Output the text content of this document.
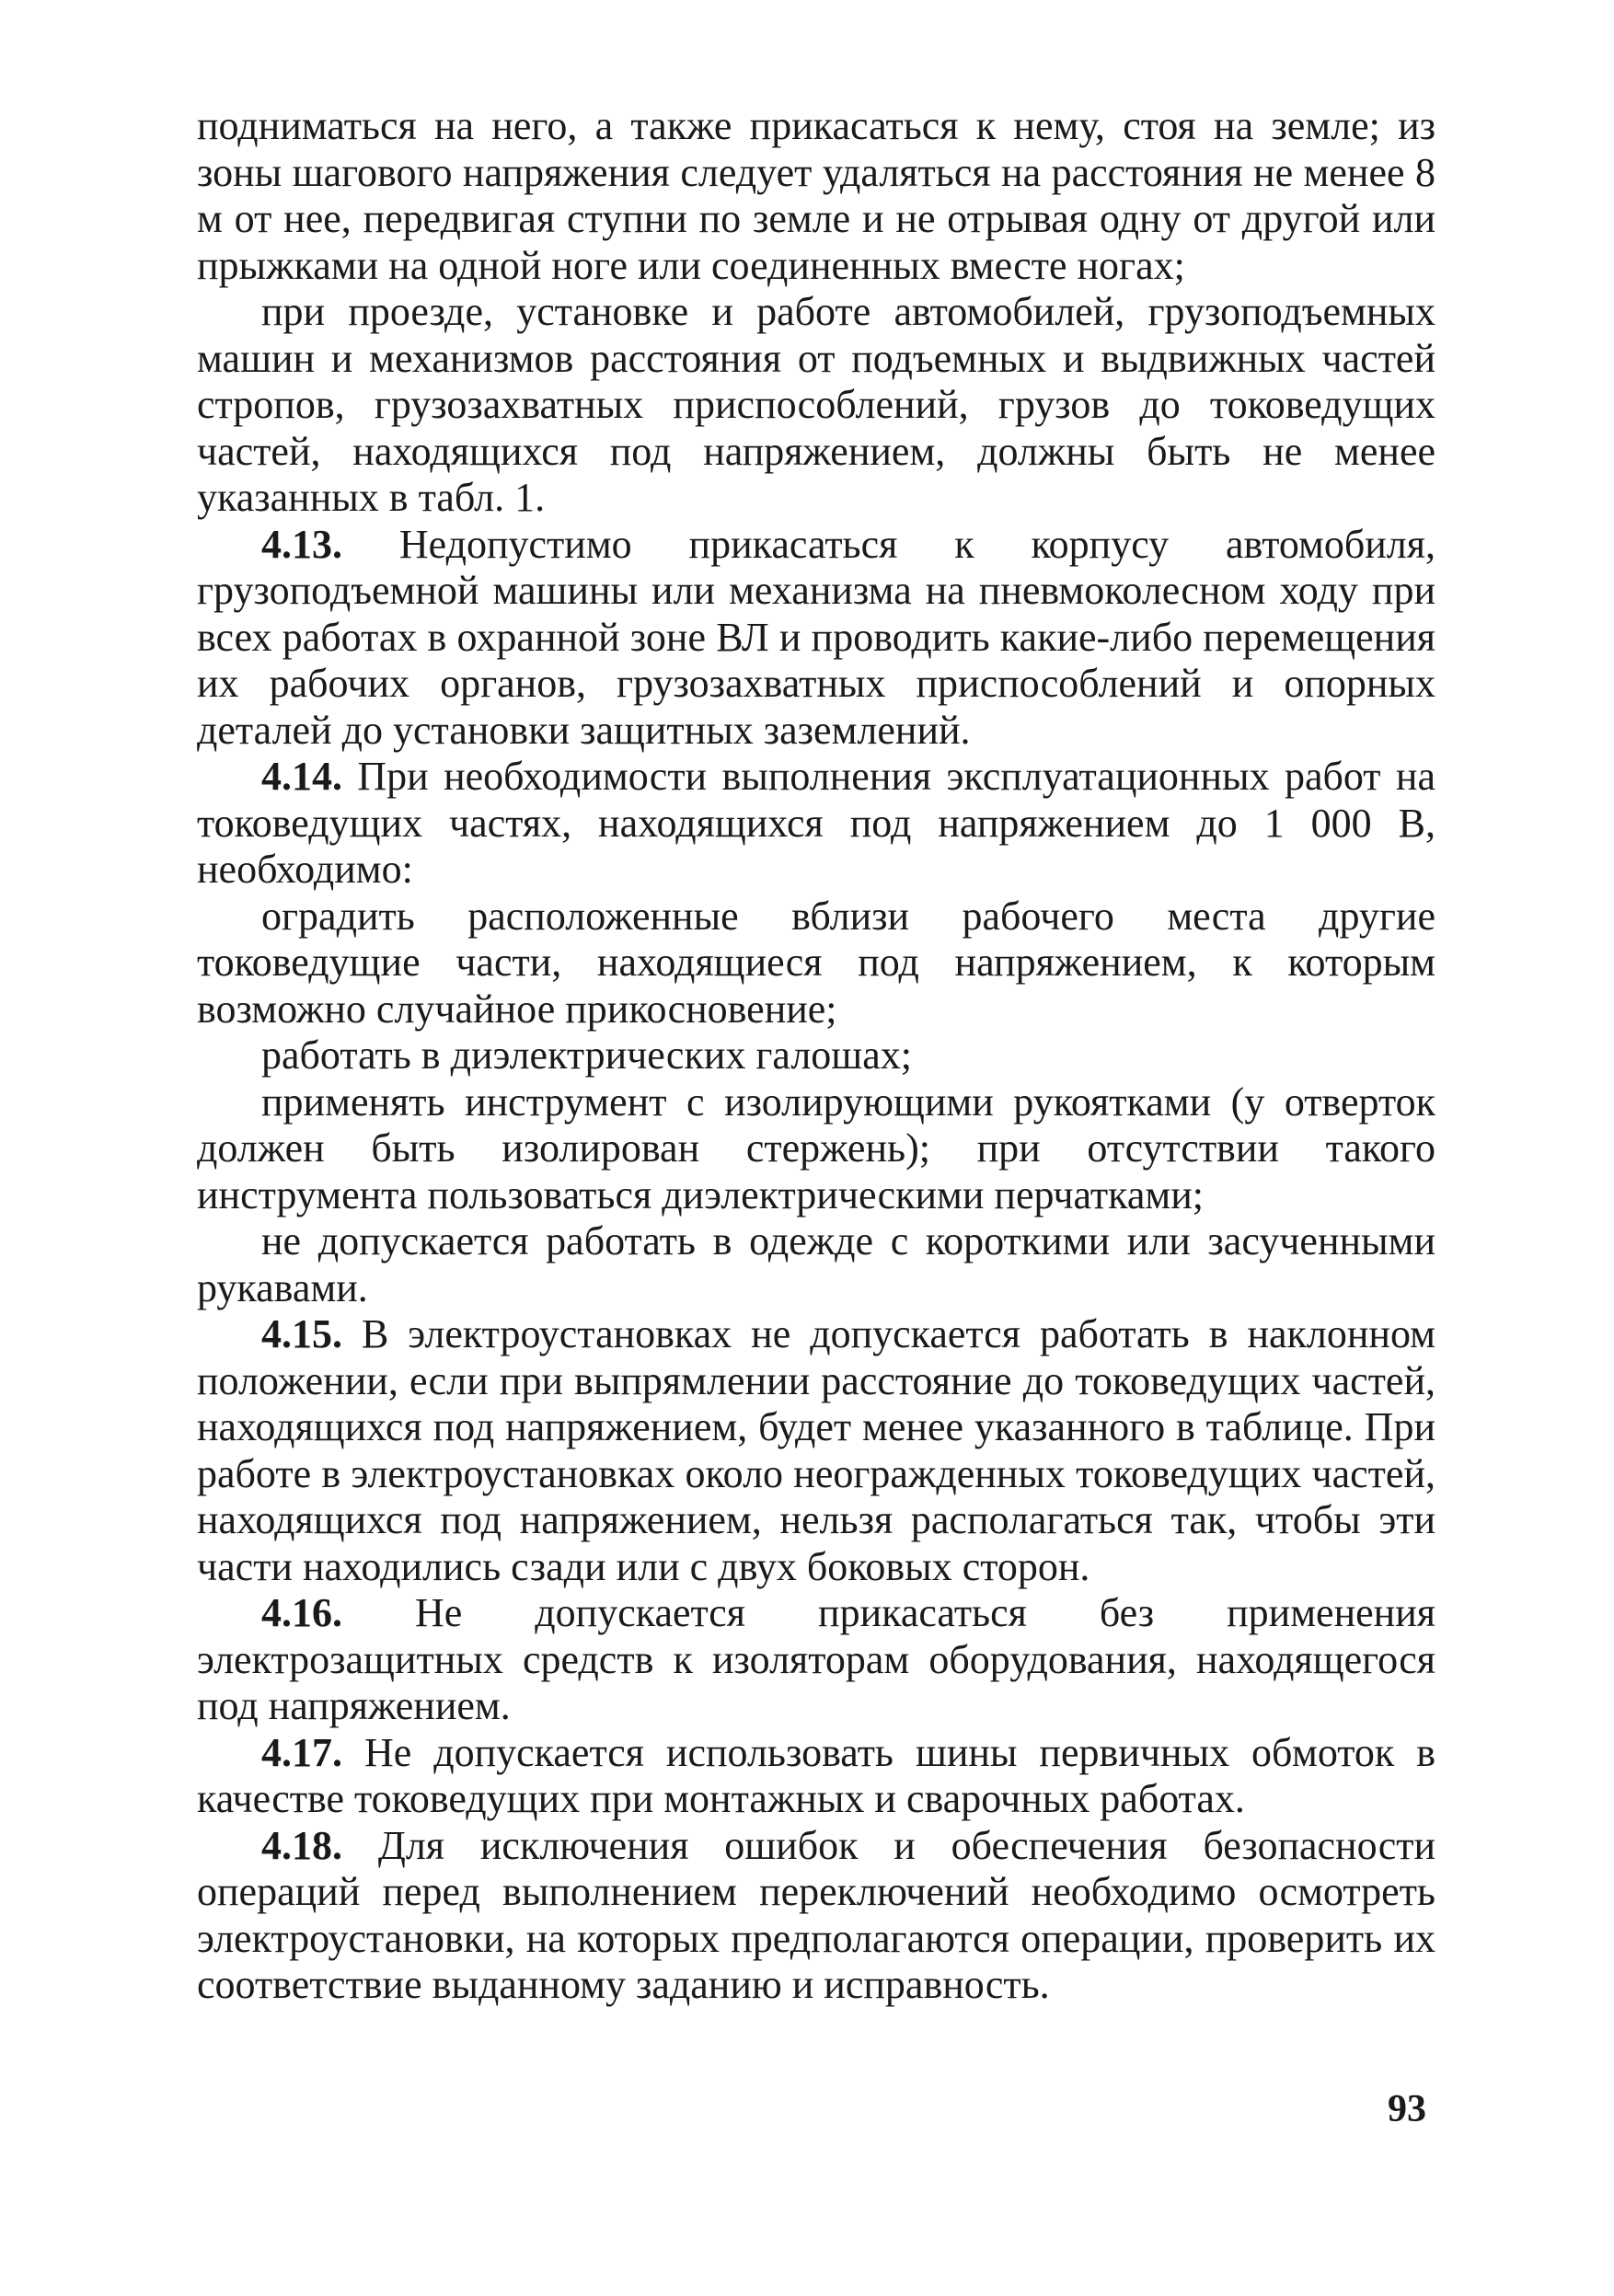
подниматься на него, а также прикасаться к нему, стоя на земле; из зоны шагового напряжения следует удаляться на расстояния не менее 8 м от нее, передвигая ступни по земле и не отрывая одну от другой или прыжками на одной ноге или соединенных вместе ногах;

при проезде, установке и работе автомобилей, грузоподъемных машин и механизмов расстояния от подъемных и выдвижных частей стропов, грузозахватных приспособлений, грузов до токоведущих частей, находящихся под напряжением, должны быть не менее указанных в табл. 1.

4.13. Недопустимо прикасаться к корпусу автомобиля, грузоподъемной машины или механизма на пневмоколесном ходу при всех работах в охранной зоне ВЛ и проводить какие-либо перемещения их рабочих органов, грузозахватных приспособлений и опорных деталей до установки защитных заземлений.

4.14. При необходимости выполнения эксплуатационных работ на токоведущих частях, находящихся под напряжением до 1 000 В, необходимо:

оградить расположенные вблизи рабочего места другие токоведущие части, находящиеся под напряжением, к которым возможно случайное прикосновение;

работать в диэлектрических галошах;

применять инструмент с изолирующими рукоятками (у отверток должен быть изолирован стержень); при отсутствии такого инструмента пользоваться диэлектрическими перчатками;

не допускается работать в одежде с короткими или засученными рукавами.

4.15. В электроустановках не допускается работать в наклонном положении, если при выпрямлении расстояние до токоведущих частей, находящихся под напряжением, будет менее указанного в таблице. При работе в электроустановках около неогражденных токоведущих частей, находящихся под напряжением, нельзя располагаться так, чтобы эти части находились сзади или с двух боковых сторон.

4.16. Не допускается прикасаться без применения электрозащитных средств к изоляторам оборудования, находящегося под напряжением.

4.17. Не допускается использовать шины первичных обмоток в качестве токоведущих при монтажных и сварочных работах.

4.18. Для исключения ошибок и обеспечения безопасности операций перед выполнением переключений необходимо осмотреть электроустановки, на которых предполагаются операции, проверить их соответствие выданному заданию и исправность.

93
